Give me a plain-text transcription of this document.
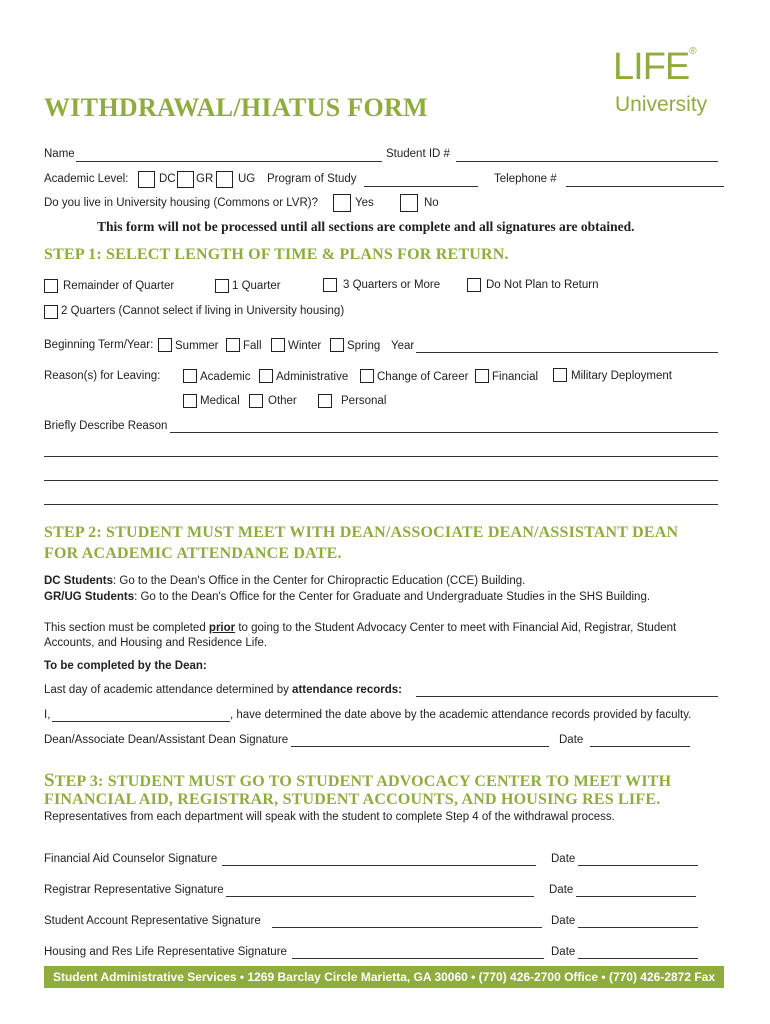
LIFE®
University
WITHDRAWAL/HIATUS FORM
Name	Student ID #
Academic Level:	DC GR UG Program of Study	Telephone #
Do you live in University housing (Commons or LVR)?	Yes	No
This form will not be processed until all sections are complete and all signatures are obtained.
STEP 1: SELECT LENGTH OF TIME & PLANS FOR RETURN.
Remainder of Quarter	1 Quarter	3 Quarters or More	Do Not Plan to Return
2 Quarters (Cannot select if living in University housing)
Beginning Term/Year: Summer Fall Winter Spring Year
Reason(s) for Leaving:	Academic Administrative	Change of Career Financial	Military Deployment
Medical Other	Personal
Briefly Describe Reason
STEP 2: STUDENT MUST MEET WITH DEAN/ASSOCIATE DEAN/ASSISTANT DEAN
FOR ACADEMIC ATTENDANCE DATE.
DC Students: Go to the Dean's Office in the Center for Chiropractic Education (CCE) Building.
GR/UG Students: Go to the Dean's Office for the Center for Graduate and Undergraduate Studies in the SHS Building.
This section must be completed prior to going to the Student Advocacy Center to meet with Financial Aid, Registrar, Student
Accounts, and Housing and Residence Life.
To be completed by the Dean:
Last day of academic attendance determined by attendance records:
I,	, have determined the date above by the academic attendance records provided by faculty.
Dean/Associate Dean/Assistant Dean Signature	Date
STEP 3: STUDENT MUST GO TO STUDENT ADVOCACY CENTER TO MEET WITH
FINANCIAL AID, REGISTRAR, STUDENT ACCOUNTS, AND HOUSING RES LIFE.
Representatives from each department will speak with the student to complete Step 4 of the withdrawal process.
Financial Aid Counselor Signature	Date
Registrar Representative Signature	Date
Student Account Representative Signature	Date
Housing and Res Life Representative Signature	Date
Student Administrative Services • 1269 Barclay Circle Marietta, GA 30060 • (770) 426-2700 Office • (770) 426-2872 Fax
